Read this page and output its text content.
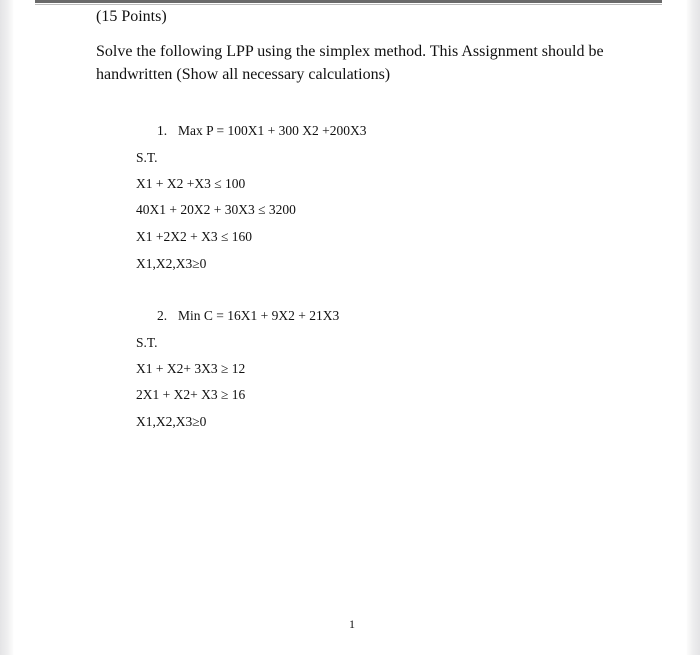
(15 Points)

Solve the following LPP using the simplex method. This Assignment should be
handwritten (Show all necessary calculations)

1. Max P = 100X1 + 300 X2 +200X3

S.T.

X1 + X2 +X3 ≤ 100

40X1 + 20X2 + 30X3 ≤ 3200

X1 +2X2 + X3 ≤ 160

X1,X2,X3≥0

2. Min C = 16X1 + 9X2 + 21X3

S.T.

X1 + X2+ 3X3 ≥ 12

2X1 + X2+ X3 ≥ 16

X1,X2,X3≥0

1
